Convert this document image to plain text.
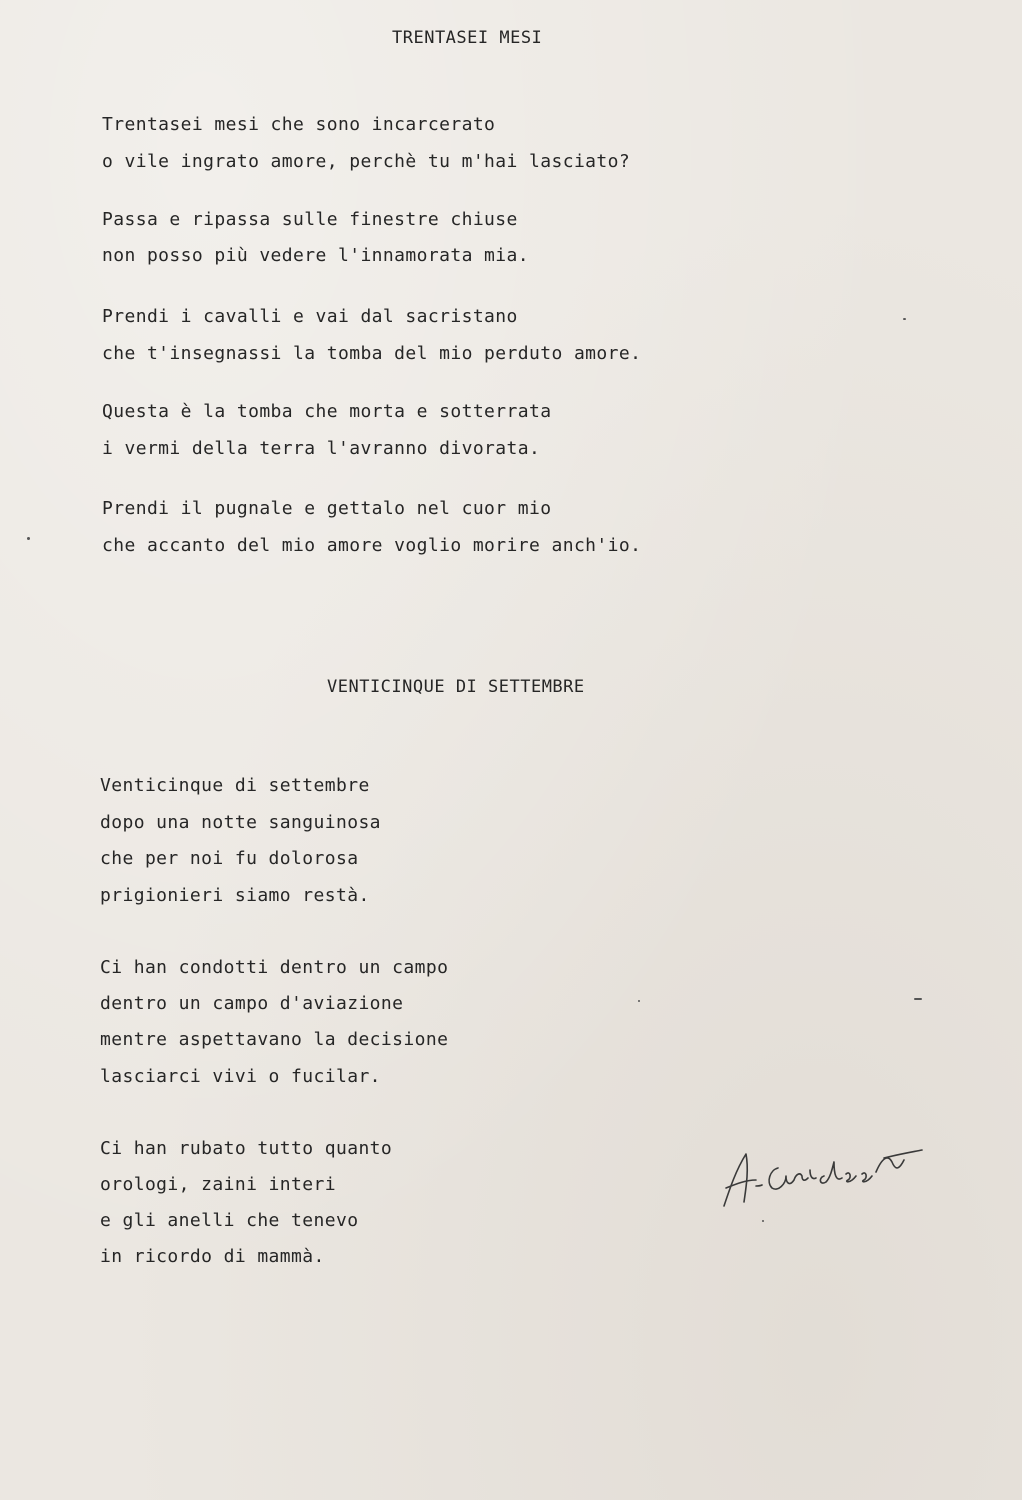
TRENTASEI MESI
Trentasei mesi che sono incarcerato
o vile ingrato amore, perchè tu m'hai lasciato?
Passa e ripassa sulle finestre chiuse
non posso più vedere l'innamorata mia.
Prendi i cavalli e vai dal sacristano
che t'insegnassi la tomba del mio perduto amore.
Questa è la tomba che morta e sotterrata
i vermi della terra l'avranno divorata.
Prendi il pugnale e gettalo nel cuor mio
che accanto del mio amore voglio morire anch'io.
VENTICINQUE DI SETTEMBRE
Venticinque di settembre
dopo una notte sanguinosa
che per noi fu dolorosa
prigionieri siamo restà.
Ci han condotti dentro un campo
dentro un campo d'aviazione
mentre aspettavano la decisione
lasciarci vivi o fucilar.
Ci han rubato tutto quanto
orologi, zaini interi
e gli anelli che tenevo
in ricordo di mammà.
